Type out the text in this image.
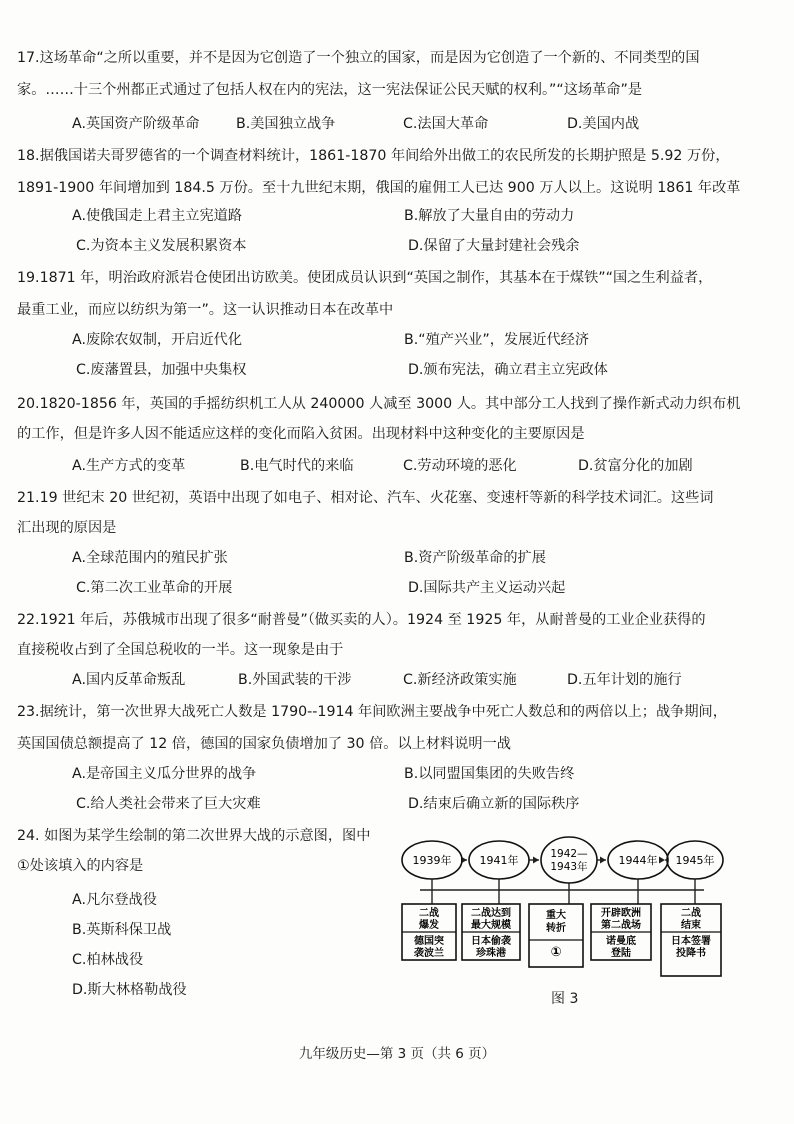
17.这场革命“之所以重要，并不是因为它创造了一个独立的国家，而是因为它创造了一个新的、不同类型的国
家。……十三个州都正式通过了包括人权在内的宪法，这一宪法保证公民天赋的权利。”“这场革命”是
A.英国资产阶级革命	B.美国独立战争	C.法国大革命	D.美国内战
18.据俄国诺夫哥罗德省的一个调查材料统计，1861-1870 年间给外出做工的农民所发的长期护照是 5.92 万份，
1891-1900 年间增加到 184.5 万份。至十九世纪末期，俄国的雇佣工人已达 900 万人以上。这说明 1861 年改革
A.使俄国走上君主立宪道路	B.解放了大量自由的劳动力
C.为资本主义发展积累资本	D.保留了大量封建社会残余
19.1871 年，明治政府派岩仓使团出访欧美。使团成员认识到“英国之制作，其基本在于煤铁”“国之生利益者，
最重工业，而应以纺织为第一”。这一认识推动日本在改革中
A.废除农奴制，开启近代化	B.“殖产兴业”，发展近代经济
C.废藩置县，加强中央集权	D.颁布宪法，确立君主立宪政体
20.1820-1856 年，英国的手摇纺织机工人从 240000 人减至 3000 人。其中部分工人找到了操作新式动力织布机
的工作，但是许多人因不能适应这样的变化而陷入贫困。出现材料中这种变化的主要原因是
A.生产方式的变革	B.电气时代的来临	C.劳动环境的恶化	D.贫富分化的加剧
21.19 世纪末 20 世纪初，英语中出现了如电子、相对论、汽车、火花塞、变速杆等新的科学技术词汇。这些词
汇出现的原因是
A.全球范围内的殖民扩张	B.资产阶级革命的扩展
C.第二次工业革命的开展	D.国际共产主义运动兴起
22.1921 年后，苏俄城市出现了很多“耐普曼”（做买卖的人）。1924 至 1925 年，从耐普曼的工业企业获得的
直接税收占到了全国总税收的一半。这一现象是由于
A.国内反革命叛乱	B.外国武装的干涉	C.新经济政策实施	D.五年计划的施行
23.据统计，第一次世界大战死亡人数是 1790--1914 年间欧洲主要战争中死亡人数总和的两倍以上；战争期间，
英国国债总额提高了 12 倍，德国的国家负债增加了 30 倍。以上材料说明一战
A.是帝国主义瓜分世界的战争	B.以同盟国集团的失败告终
C.给人类社会带来了巨大灾难	D.结束后确立新的国际秩序
24. 如图为某学生绘制的第二次世界大战的示意图，图中
①处该填入的内容是
A.凡尔登战役
B.英斯科保卫战
C.柏林战役
D.斯大林格勒战役
1939年	1941年	1942—
1943年	1944年 1945年
二战
爆发
德国突
袭波兰
二战达到
最大规模
日本偷袭
珍珠港
重大
转折
①
开辟欧洲
第二战场
诺曼底
登陆
二战
结束
日本签署
投降书
图 3
九年级历史—第 3 页（共 6 页）
